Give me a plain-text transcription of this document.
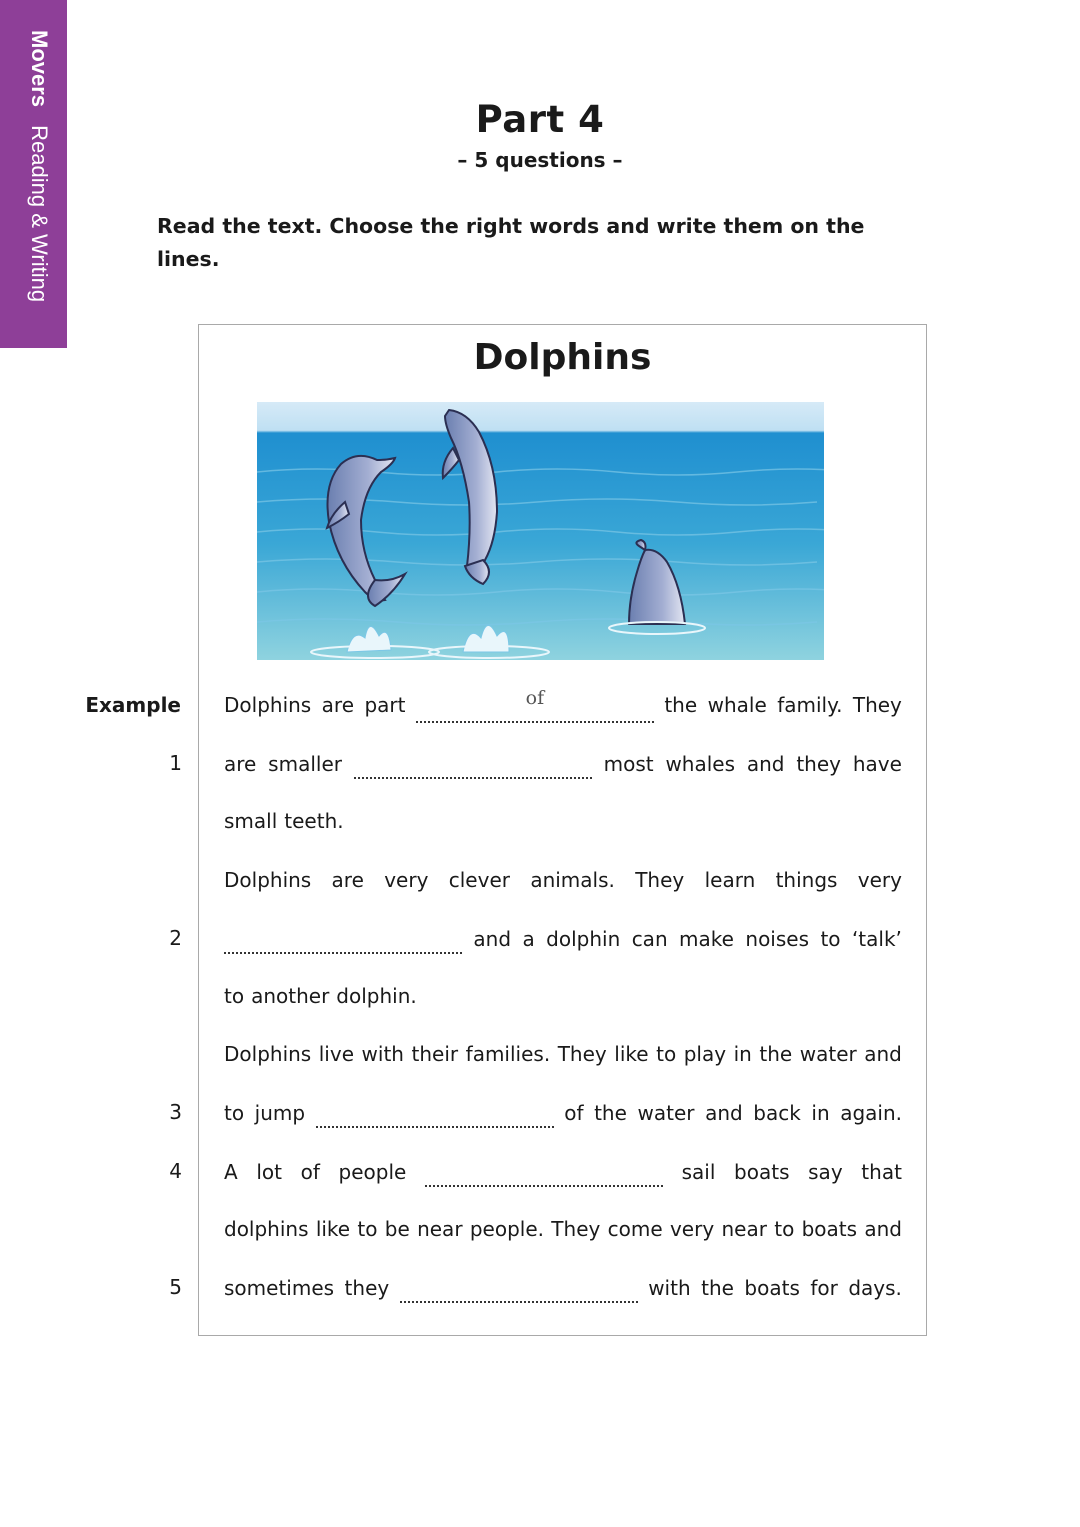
Movers Reading & Writing
Part 4
– 5 questions –
Read the text. Choose the right words and write them on the lines.
Dolphins
Example Dolphins are part	of	the whale family. They
1 are smaller	most whales and they have
small teeth.
Dolphins are very clever animals. They learn things very
2	and a dolphin can make noises to ‘talk’
to another dolphin.
Dolphins live with their families. They like to play in the water and
3 to jump	of the water and back in again.
4 A lot of people	sail boats say that
dolphins like to be near people. They come very near to boats and
5 sometimes they	with the boats for days.
